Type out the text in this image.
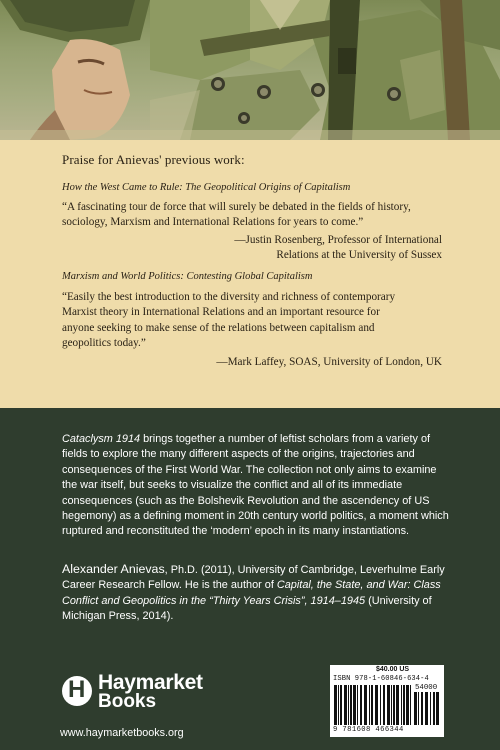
Praise for Anievas' previous work:
How the West Came to Rule: The Geopolitical Origins of Capitalism
“A fascinating tour de force that will surely be debated in the fields of history,
sociology, Marxism and International Relations for years to come.”
—Justin Rosenberg, Professor of International
Relations at the University of Sussex
Marxism and World Politics: Contesting Global Capitalism
“Easily the best introduction to the diversity and richness of contemporary
Marxist theory in International Relations and an important resource for
anyone seeking to make sense of the relations between capitalism and
geopolitics today.”
—Mark Laffey, SOAS, University of London, UK

Cataclysm 1914 brings together a number of leftist scholars from a variety of fields to explore the many different aspects of the origins, trajectories and consequences of the First World War. The collection not only aims to examine the war itself, but seeks to visualize the conflict and all of its immediate consequences (such as the Bolshevik Revolution and the ascendency of US hegemony) as a defining moment in 20th century world politics, a moment which ruptured and reconstituted the ‘modern’ epoch in its many instantiations.

Alexander Anievas, Ph.D. (2011), University of Cambridge, Leverhulme Early Career Research Fellow. He is the author of Capital, the State, and War: Class Conflict and Geopolitics in the “Thirty Years Crisis”, 1914–1945 (University of Michigan Press, 2014).

H Haymarket
Books
www.haymarketbooks.org
$40.00 US
ISBN 978-1-60846-634-4
54000
9 781608 466344
